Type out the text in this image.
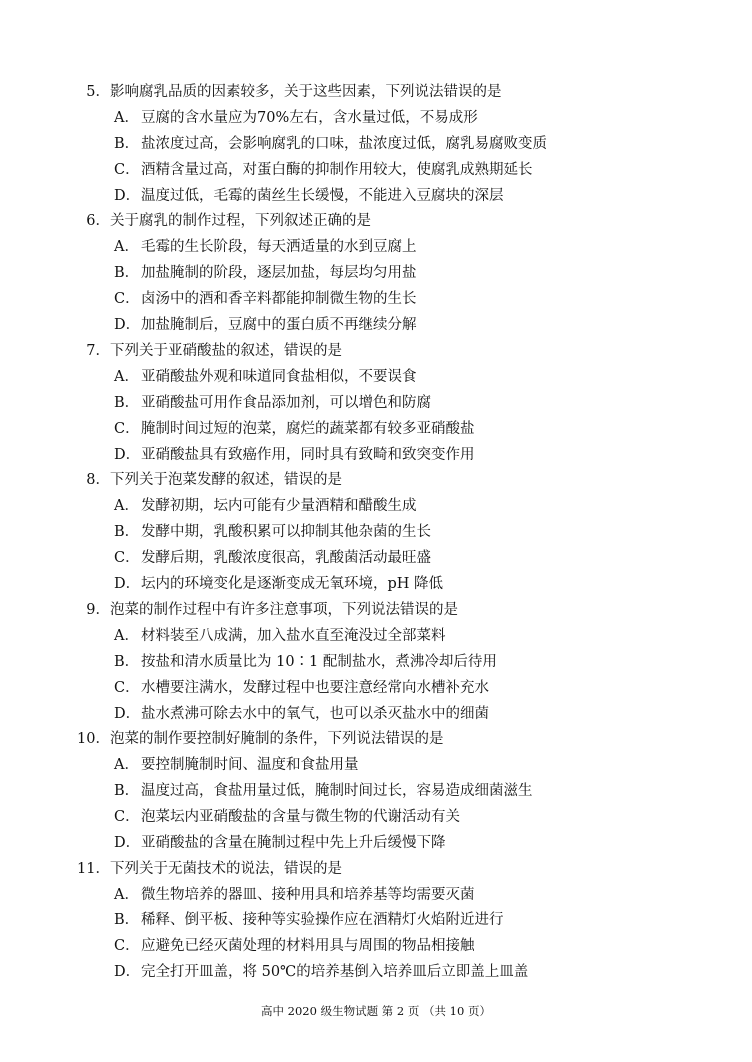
5．影响腐乳品质的因素较多，关于这些因素，下列说法错误的是
A． 豆腐的含水量应为70%左右，含水量过低，不易成形
B． 盐浓度过高，会影响腐乳的口味，盐浓度过低，腐乳易腐败变质
C．酒精含量过高，对蛋白酶的抑制作用较大，使腐乳成熟期延长
D．温度过低，毛霉的菌丝生长缓慢，不能进入豆腐块的深层
6．关于腐乳的制作过程，下列叙述正确的是
A． 毛霉的生长阶段，每天洒适量的水到豆腐上
B． 加盐腌制的阶段，逐层加盐，每层均匀用盐
C．卤汤中的酒和香辛料都能抑制微生物的生长
D．加盐腌制后，豆腐中的蛋白质不再继续分解
7．下列关于亚硝酸盐的叙述，错误的是
A． 亚硝酸盐外观和味道同食盐相似，不要误食
B． 亚硝酸盐可用作食品添加剂，可以增色和防腐
C．腌制时间过短的泡菜，腐烂的蔬菜都有较多亚硝酸盐
D．亚硝酸盐具有致癌作用，同时具有致畸和致突变作用
8．下列关于泡菜发酵的叙述，错误的是
A． 发酵初期，坛内可能有少量酒精和醋酸生成
B． 发酵中期，乳酸积累可以抑制其他杂菌的生长
C．发酵后期，乳酸浓度很高，乳酸菌活动最旺盛
D．坛内的环境变化是逐渐变成无氧环境，pH 降低
9．泡菜的制作过程中有许多注意事项，下列说法错误的是
A． 材料装至八成满，加入盐水直至淹没过全部菜料
B． 按盐和清水质量比为 10∶1 配制盐水，煮沸冷却后待用
C．水槽要注满水，发酵过程中也要注意经常向水槽补充水
D．盐水煮沸可除去水中的氧气，也可以杀灭盐水中的细菌
10．泡菜的制作要控制好腌制的条件，下列说法错误的是
A． 要控制腌制时间、温度和食盐用量
B． 温度过高，食盐用量过低，腌制时间过长，容易造成细菌滋生
C．泡菜坛内亚硝酸盐的含量与微生物的代谢活动有关
D．亚硝酸盐的含量在腌制过程中先上升后缓慢下降
11．下列关于无菌技术的说法，错误的是
A． 微生物培养的器皿、接种用具和培养基等均需要灭菌
B． 稀释、倒平板、接种等实验操作应在酒精灯火焰附近进行
C．应避免已经灭菌处理的材料用具与周围的物品相接触
D．完全打开皿盖，将 50℃的培养基倒入培养皿后立即盖上皿盖
高中 2020 级生物试题 第 2 页 （共 10 页）
